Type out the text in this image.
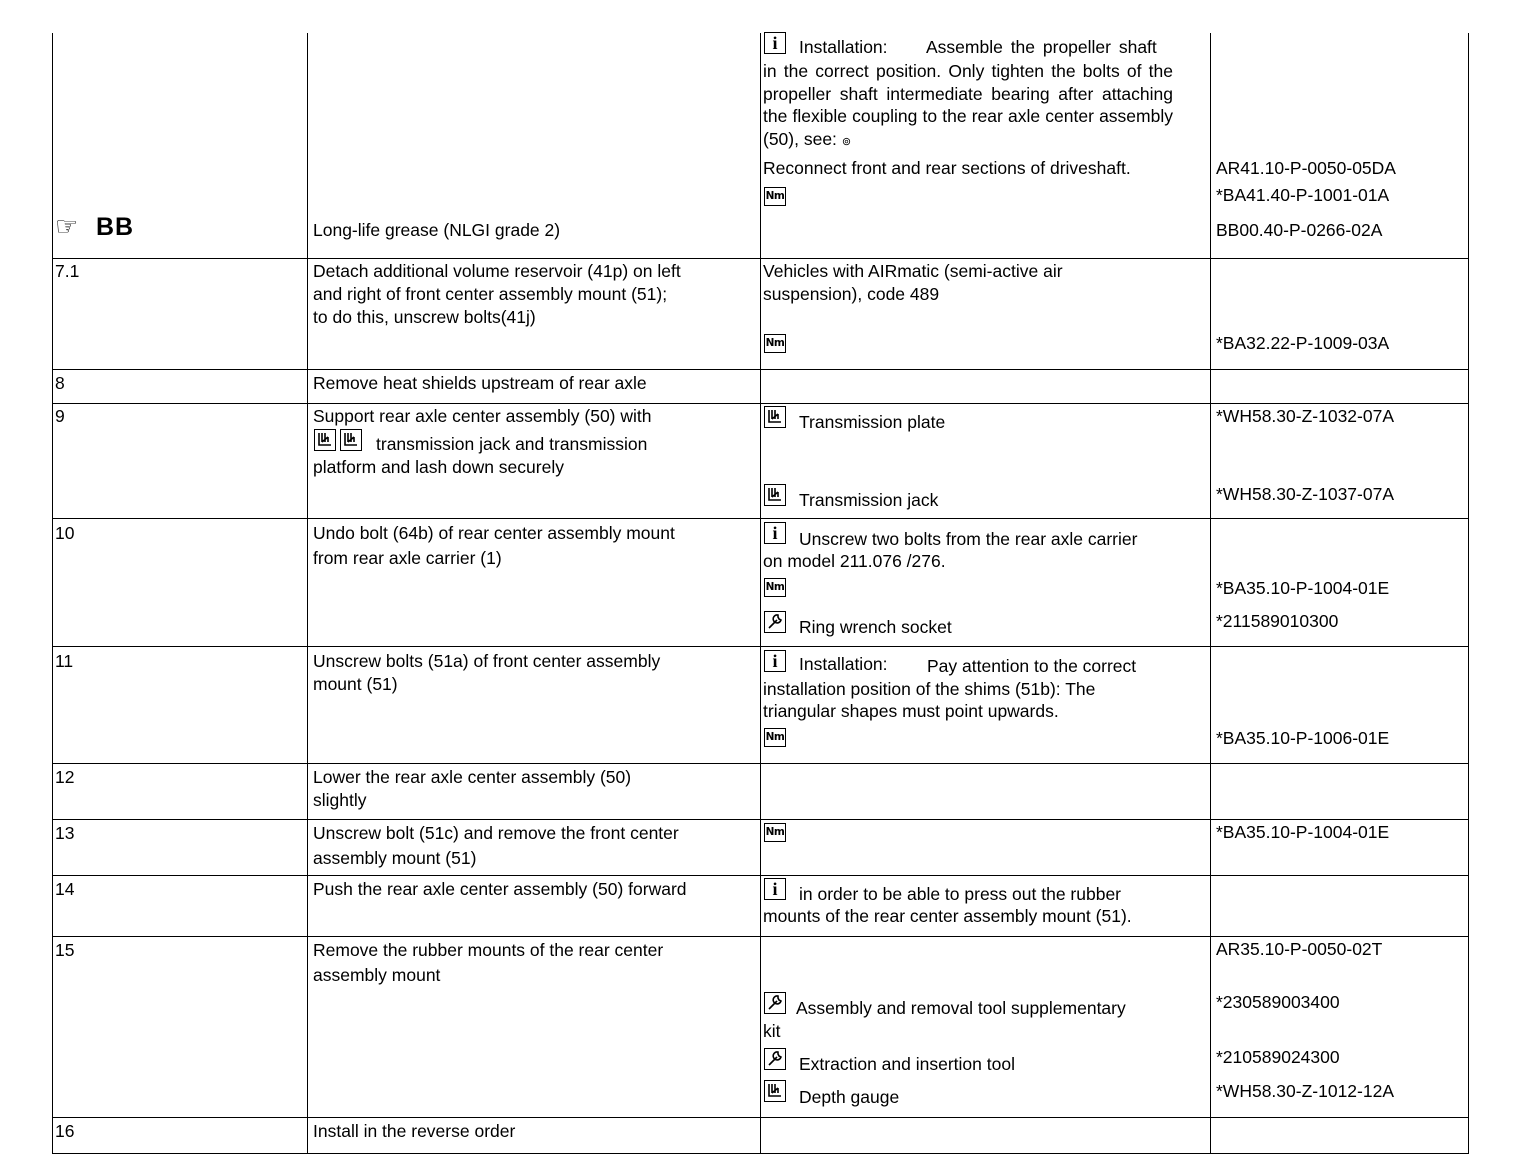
i
Installation: Assemble the propeller shaft
in the correct position. Only tighten the bolts of the propeller shaft intermediate bearing after attaching the flexible coupling to the rear axle center assembly (50), see: ⊚
Reconnect front and rear sections of driveshaft.	AR41.10-P-0050-05DA
Nm	*BA41.40-P-1001-01A
☞ BB	Long-life grease (NLGI grade 2)	BB00.40-P-0266-02A
7.1	Detach additional volume reservoir (41p) on left
and right of front center assembly mount (51);
to do this, unscrew bolts(41j)
Vehicles with AIRmatic (semi-active air
suspension), code 489
Nm	*BA32.22-P-1009-03A
8	Remove heat shields upstream of rear axle
9	Support rear axle center assembly (50) with
transmission jack and transmission
platform and lash down securely
Transmission plate	*WH58.30-Z-1032-07A
Transmission jack	*WH58.30-Z-1037-07A
10	Undo bolt (64b) of rear center assembly mount
from rear axle carrier (1)
i
Unscrew two bolts from the rear axle carrier
on model 211.076 /276.
Nm	*BA35.10-P-1004-01E
Ring wrench socket	*211589010300
11	Unscrew bolts (51a) of front center assembly
mount (51)
i
Installation: Pay attention to the correct
installation position of the shims (51b): The
triangular shapes must point upwards.
Nm	*BA35.10-P-1006-01E
12	Lower the rear axle center assembly (50)
slightly
13	Unscrew bolt (51c) and remove the front center
assembly mount (51)
Nm	*BA35.10-P-1004-01E
14	Push the rear axle center assembly (50) forward
i	in order to be able to press out the rubber
mounts of the rear center assembly mount (51).
15	Remove the rubber mounts of the rear center
assembly mount
AR35.10-P-0050-02T
Assembly and removal tool supplementary
kit
*230589003400
Extraction and insertion tool	*210589024300
Depth gauge	*WH58.30-Z-1012-12A
16	Install in the reverse order
